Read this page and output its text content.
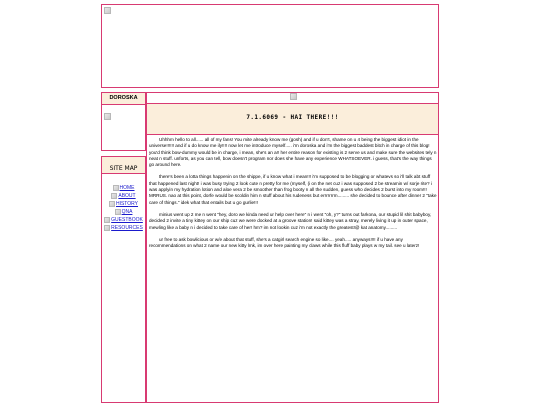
DOROSKA
SITE MAP
HOME
ABOUT
HISTORY
QNA
GUESTBOOK
RESOURCES
7.1.6069 - HAI THERE!!!

Uhhhm hello to all...... all of my fans! You mite already know me (gosh) and if u don't, shame on u 4 being the biggest idiot in the universe!!!!!! and if u do know me ily!!!! now let me introduce myself..... i'm doroska and i'm the biggest baddest bitch in charge of this blog! you'd think bow-dummy would be in charge, i mean, she's an a!! her entire reason for existing is 2 serve us and make sure the websites tely n neat n stuff. unforts, as you can tell, bow doesn't program nor does she have any experience WHATSOEVER. i guess, that's the way things go around here.

there's been a lotta things happenin on the shippe, if u know what i mean!!! i'm supposed to be blogging or whatevs so i'll talk abt stuff that happened last night! i was busy trying 2 look cute n pretty for me (myself, (i on the net cuz i was supposed 2 be streamin w/ sorje rite? i was applyin my hydration lotion and aloe vera 2 be smoother than frog booty n all the sudden, guess who decides 2 burst into my room!!! MRRUS. nao at this point, dorfe would be scoldin him n stuff about his rudeness but errrrrrrm......... she decided to bounce after dinner 2 "take care of things." idek what that entails but u go gurlie!!!

minius went up 2 me n went "hey, doro we kinda need ur help over here" n i went "oh, y?" turns out farkona, our stupid lil shit babyboy, decided 2 invite a tiny kittey on our ship cuz we were docked at a groove station! said kittey was a stray, merely living it up in outer space, mewling like a baby n i decided to take care of her! hm? im not lookin cuz i'm not exactly the greatest!@ kat anatomy.........

ur free to ask bowlicious or w/e about that stuff, she's a catgirl search engine so like.... yeah..... anyways!!!! if u have any recommendations on what 2 name our new kitty lmk, im over here painting my claws while this fluff baby plays w my tail. see u laterz!
